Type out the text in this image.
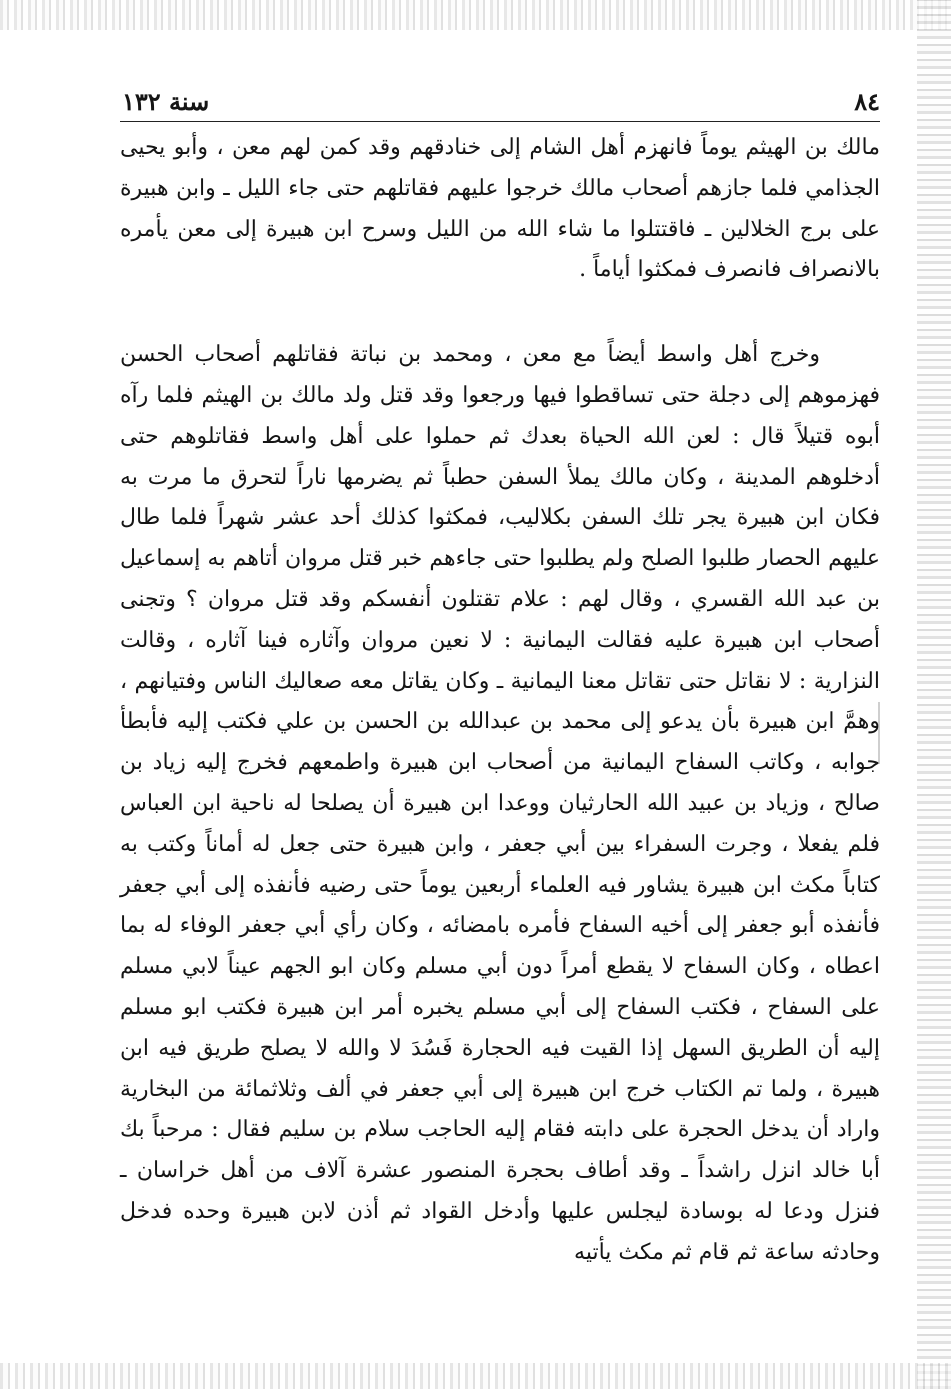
٨٤
سنة ١٣٢

مالك بن الهيثم يوماً فانهزم أهل الشام إلى خنادقهم وقد كمن لهم معن ، وأبو يحيى الجذامي فلما جازهم أصحاب مالك خرجوا عليهم فقاتلهم حتى جاء الليل ـ وابن هبيرة على برج الخلالين ـ فاقتتلوا ما شاء الله من الليل وسرح ابن هبيرة إلى معن يأمره بالانصراف فانصرف فمكثوا أياماً .

وخرج أهل واسط أيضاً مع معن ، ومحمد بن نباتة فقاتلهم أصحاب الحسن فهزموهم إلى دجلة حتى تساقطوا فيها ورجعوا وقد قتل ولد مالك بن الهيثم فلما رآه أبوه قتيلاً قال : لعن الله الحياة بعدك ثم حملوا على أهل واسط فقاتلوهم حتى أدخلوهم المدينة ، وكان مالك يملأ السفن حطباً ثم يضرمها ناراً لتحرق ما مرت به فكان ابن هبيرة يجر تلك السفن بكلاليب، فمكثوا كذلك أحد عشر شهراً فلما طال عليهم الحصار طلبوا الصلح ولم يطلبوا حتى جاءهم خبر قتل مروان أتاهم به إسماعيل بن عبد الله القسري ، وقال لهم : علام تقتلون أنفسكم وقد قتل مروان ؟ وتجنى أصحاب ابن هبيرة عليه فقالت اليمانية : لا نعين مروان وآثاره فينا آثاره ، وقالت النزارية : لا نقاتل حتى تقاتل معنا اليمانية ـ وكان يقاتل معه صعاليك الناس وفتيانهم ، وهمَّ ابن هبيرة بأن يدعو إلى محمد بن عبدالله بن الحسن بن علي فكتب إليه فأبطأ جوابه ، وكاتب السفاح اليمانية من أصحاب ابن هبيرة واطمعهم فخرج إليه زياد بن صالح ، وزياد بن عبيد الله الحارثيان ووعدا ابن هبيرة أن يصلحا له ناحية ابن العباس فلم يفعلا ، وجرت السفراء بين أبي جعفر ، وابن هبيرة حتى جعل له أماناً وكتب به كتاباً مكث ابن هبيرة يشاور فيه العلماء أربعين يوماً حتى رضيه فأنفذه إلى أبي جعفر فأنفذه أبو جعفر إلى أخيه السفاح فأمره بامضائه ، وكان رأي أبي جعفر الوفاء له بما اعطاه ، وكان السفاح لا يقطع أمراً دون أبي مسلم وكان ابو الجهم عيناً لابي مسلم على السفاح ، فكتب السفاح إلى أبي مسلم يخبره أمر ابن هبيرة فكتب ابو مسلم إليه أن الطريق السهل إذا القيت فيه الحجارة فَسُدَ لا والله لا يصلح طريق فيه ابن هبيرة ، ولما تم الكتاب خرج ابن هبيرة إلى أبي جعفر في ألف وثلاثمائة من البخارية واراد أن يدخل الحجرة على دابته فقام إليه الحاجب سلام بن سليم فقال : مرحباً بك أبا خالد انزل راشداً ـ وقد أطاف بحجرة المنصور عشرة آلاف من أهل خراسان ـ فنزل ودعا له بوسادة ليجلس عليها وأدخل القواد ثم أذن لابن هبيرة وحده فدخل وحادثه ساعة ثم قام ثم مكث يأتيه
